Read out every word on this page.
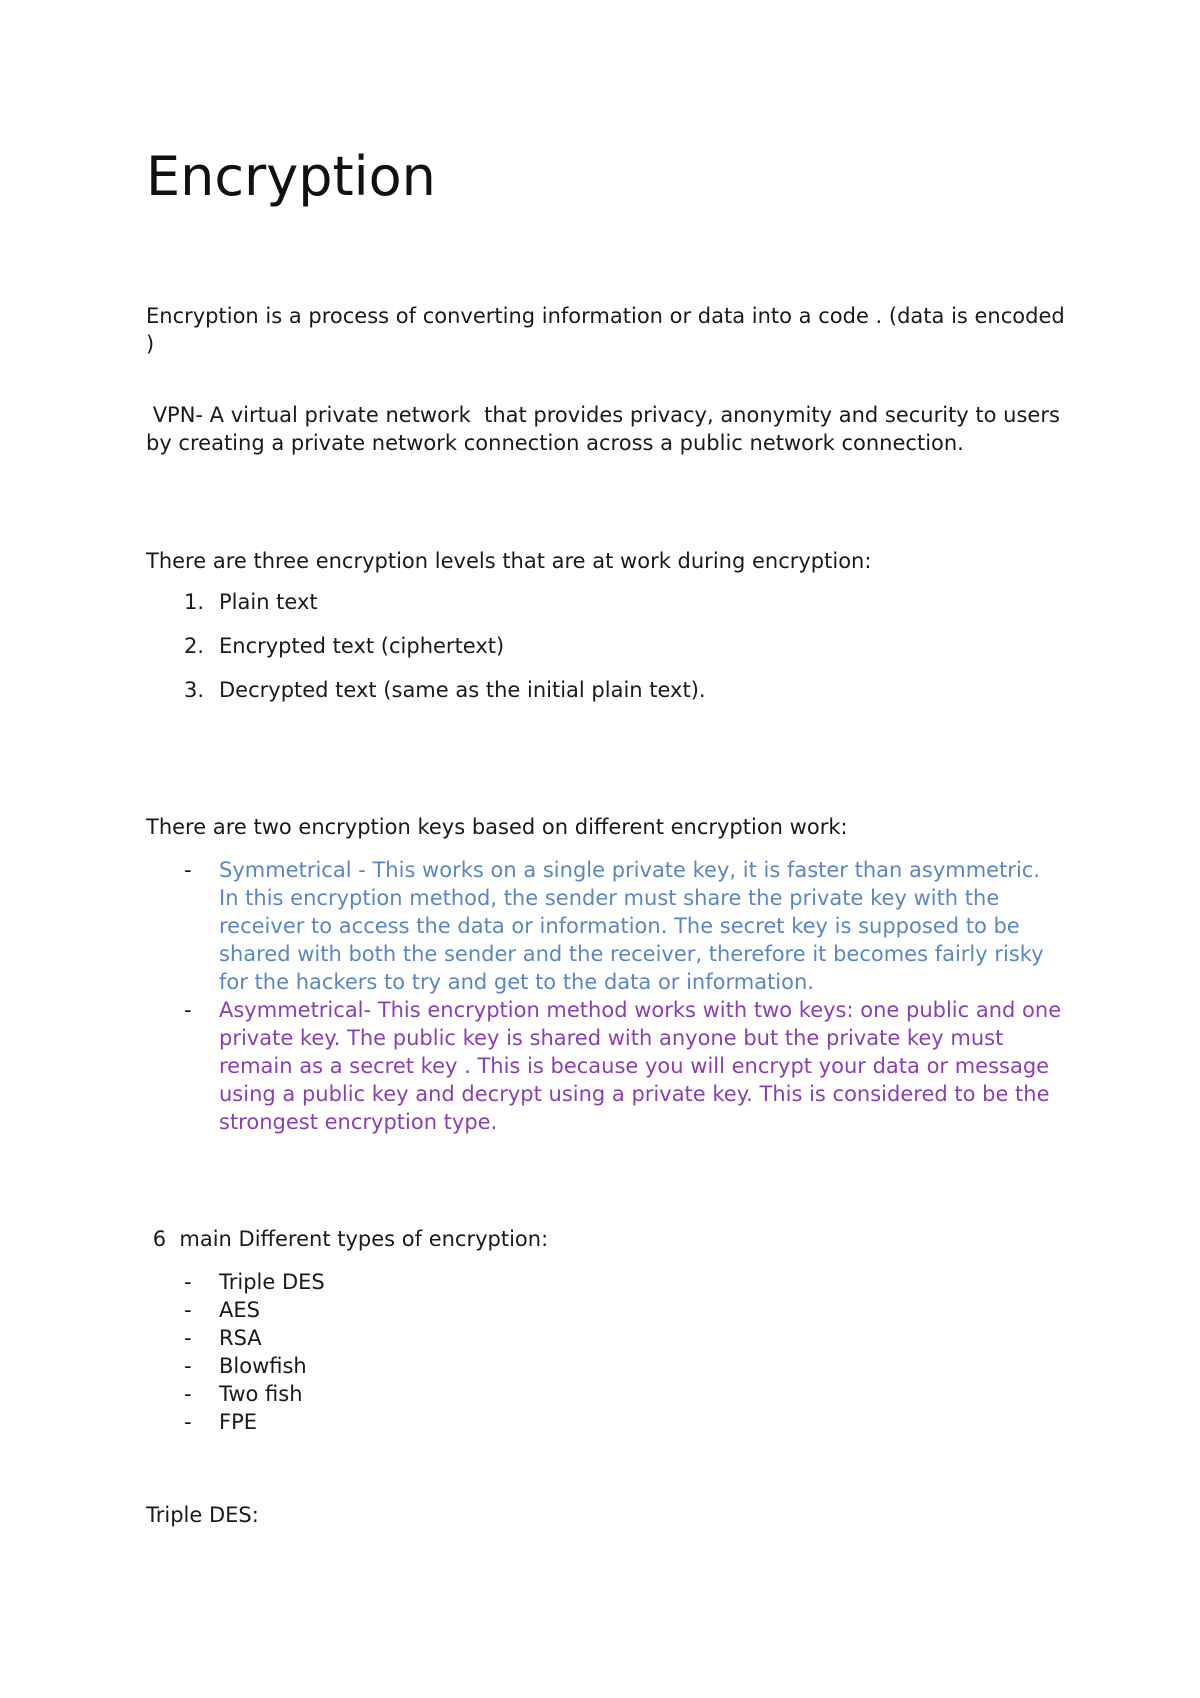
Encryption

Encryption is a process of converting information or data into a code . (data is encoded )

VPN- A virtual private network  that provides privacy, anonymity and security to users by creating a private network connection across a public network connection.

There are three encryption levels that are at work during encryption:

1. Plain text
2. Encrypted text (ciphertext)
3. Decrypted text (same as the initial plain text).

There are two encryption keys based on different encryption work:

- Symmetrical - This works on a single private key, it is faster than asymmetric. In this encryption method, the sender must share the private key with the receiver to access the data or information. The secret key is supposed to be shared with both the sender and the receiver, therefore it becomes fairly risky for the hackers to try and get to the data or information.
- Asymmetrical- This encryption method works with two keys: one public and one private key. The public key is shared with anyone but the private key must remain as a secret key . This is because you will encrypt your data or message using a public key and decrypt using a private key. This is considered to be the strongest encryption type.

6  main Different types of encryption:

- Triple DES
- AES
- RSA
- Blowfish
- Two fish
- FPE

Triple DES:
